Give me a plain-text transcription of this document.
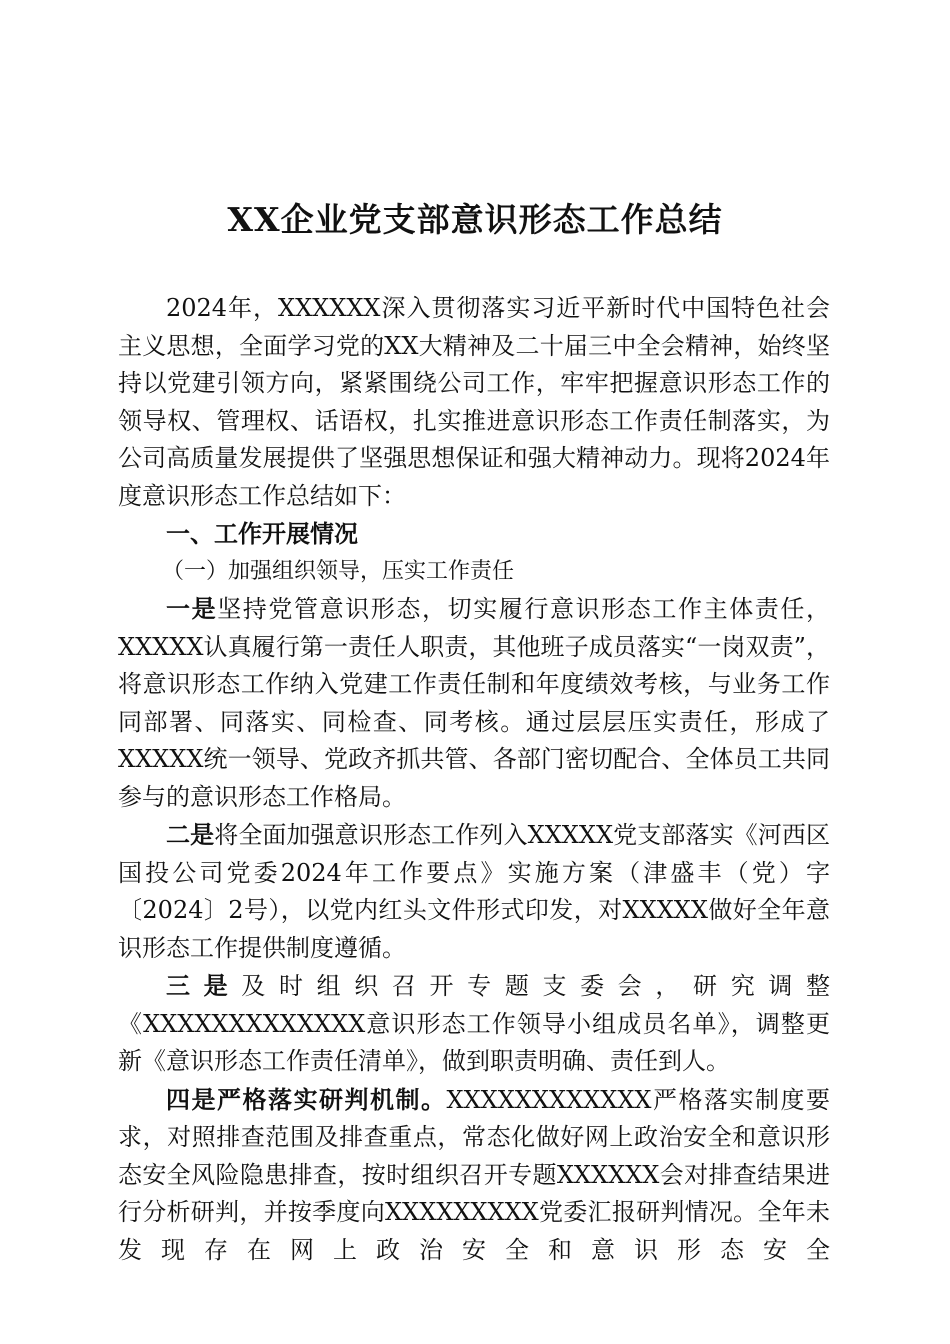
XX企业党支部意识形态工作总结

2024年，XXXXXX深入贯彻落实习近平新时代中国特色社会主义思想，全面学习党的XX大精神及二十届三中全会精神，始终坚持以党建引领方向，紧紧围绕公司工作，牢牢把握意识形态工作的领导权、管理权、话语权，扎实推进意识形态工作责任制落实，为公司高质量发展提供了坚强思想保证和强大精神动力。现将2024年度意识形态工作总结如下：

一、工作开展情况

（一）加强组织领导，压实工作责任

一是坚持党管意识形态，切实履行意识形态工作主体责任，XXXXX认真履行第一责任人职责，其他班子成员落实“一岗双责”，将意识形态工作纳入党建工作责任制和年度绩效考核，与业务工作同部署、同落实、同检查、同考核。通过层层压实责任，形成了XXXXX统一领导、党政齐抓共管、各部门密切配合、全体员工共同参与的意识形态工作格局。

二是将全面加强意识形态工作列入XXXXX党支部落实《河西区国投公司党委2024年工作要点》实施方案（津盛丰（党）字〔2024〕2号），以党内红头文件形式印发，对XXXXX做好全年意识形态工作提供制度遵循。

三是及时组织召开专题支委会，研究调整《XXXXXXXXXXXXX意识形态工作领导小组成员名单》，调整更新《意识形态工作责任清单》，做到职责明确、责任到人。

四是严格落实研判机制。XXXXXXXXXXXX严格落实制度要求，对照排查范围及排查重点，常态化做好网上政治安全和意识形态安全风险隐患排查，按时组织召开专题XXXXXX会对排查结果进行分析研判，并按季度向XXXXXXXXX党委汇报研判情况。全年未发现存在网上政治安全和意识形态安全
